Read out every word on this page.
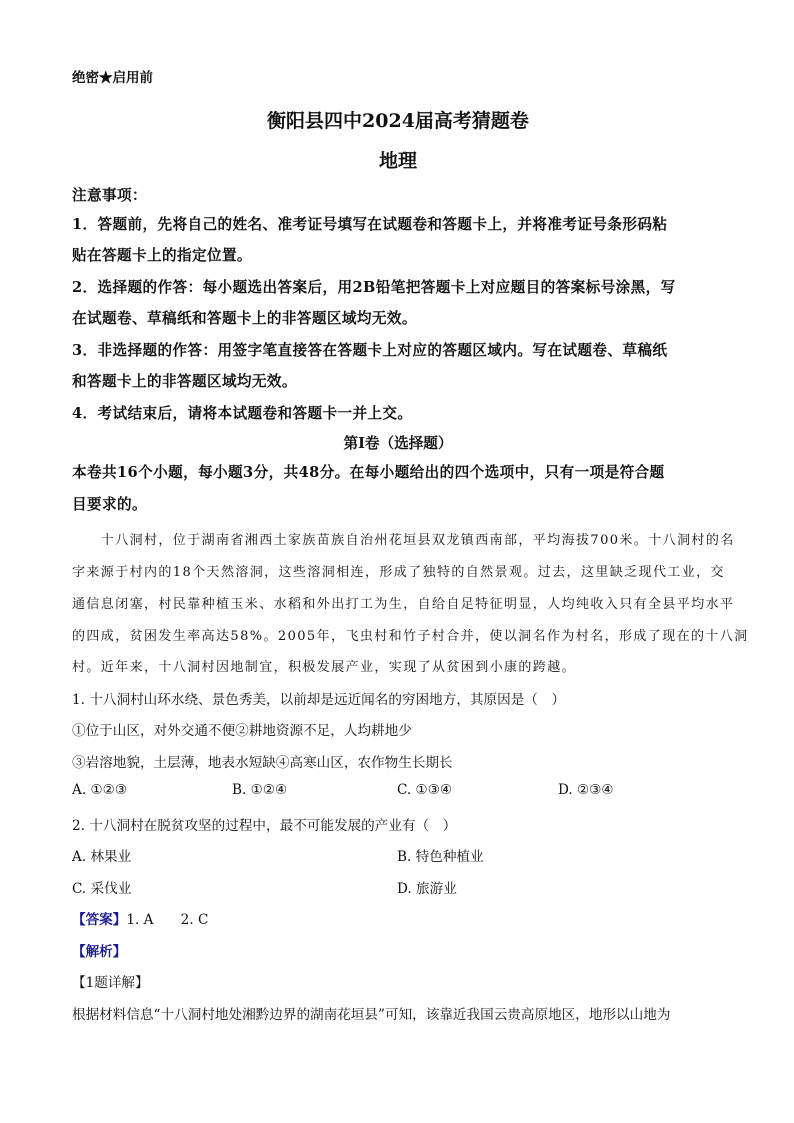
绝密★启用前
衡阳县四中2024届高考猜题卷
地理
注意事项：
1．答题前，先将自己的姓名、准考证号填写在试题卷和答题卡上，并将准考证号条形码粘
贴在答题卡上的指定位置。
2．选择题的作答：每小题选出答案后，用2B铅笔把答题卡上对应题目的答案标号涂黑，写
在试题卷、草稿纸和答题卡上的非答题区域均无效。
3．非选择题的作答：用签字笔直接答在答题卡上对应的答题区域内。写在试题卷、草稿纸
和答题卡上的非答题区域均无效。
4．考试结束后，请将本试题卷和答题卡一并上交。
第Ⅰ卷（选择题）
本卷共16个小题，每小题3分，共48分。在每小题给出的四个选项中，只有一项是符合题
目要求的。
　　十八洞村，位于湖南省湘西土家族苗族自治州花垣县双龙镇西南部，平均海拔700米。十八洞村的名
字来源于村内的18个天然溶洞，这些溶洞相连，形成了独特的自然景观。过去，这里缺乏现代工业，交
通信息闭塞，村民靠种植玉米、水稻和外出打工为生，自给自足特征明显，人均纯收入只有全县平均水平
的四成，贫困发生率高达58%。2005年，飞虫村和竹子村合并，使以洞名作为村名，形成了现在的十八洞
村。近年来，十八洞村因地制宜，积极发展产业，实现了从贫困到小康的跨越。
1. 十八洞村山环水绕、景色秀美，以前却是远近闻名的穷困地方，其原因是（　）
①位于山区，对外交通不便②耕地资源不足，人均耕地少
③岩溶地貌，土层薄，地表水短缺④高寒山区，农作物生长期长
A. ①②③	B. ①②④	C. ①③④	D. ②③④
2. 十八洞村在脱贫攻坚的过程中，最不可能发展的产业有（　）
A. 林果业	B. 特色种植业
C. 采伐业	D. 旅游业
【答案】1. A　　2. C
【解析】
【1题详解】
根据材料信息“十八洞村地处湘黔边界的湖南花垣县”可知，该靠近我国云贵高原地区，地形以山地为
